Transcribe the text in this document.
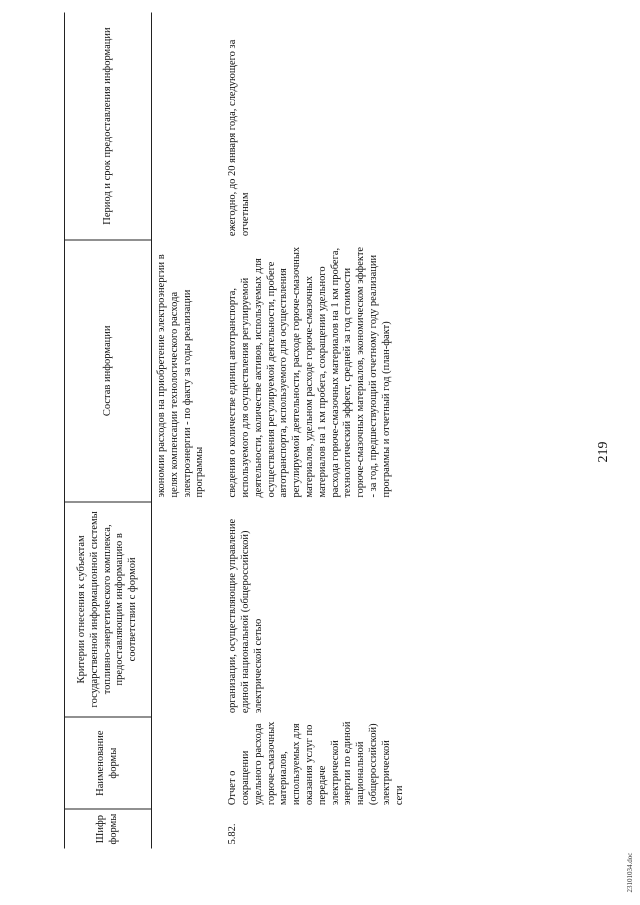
Шифр формы	Наименование формы	Критерии отнесения к субъектам государственной информационной системы топливно-энергетического комплекса, предоставляющим информацию в соответствии с формой	Состав информации	Период и срок предоставления информации
			экономии расходов на приобретение электроэнергии в целях компенсации технологического расхода электроэнергии - по факту за годы реализации программы	

5.82.	Отчет о сокращении удельного расхода горюче-смазочных материалов, используемых для оказания услуг по передаче электрической энергии по единой национальной (общероссийской) электрической сети	организации, осуществляющие управление единой национальной (общероссийской) электрической сетью	сведения о количестве единиц автотранспорта, используемого для осуществления регулируемой деятельности, количестве активов, используемых для осуществления регулируемой деятельности, пробеге автотранспорта, используемого для осуществления регулируемой деятельности, расходе горюче-смазочных материалов, удельном расходе горюче-смазочных материалов на 1 км пробега, сокращении удельного расхода горюче-смазочных материалов на 1 км пробега, технологический эффект, средней за год стоимости горюче-смазочных материалов, экономическом эффекте - за год, предшествующий отчетному году реализации программы и отчетный год (план-факт)	ежегодно, до 20 января года, следующего за отчетным
219
23101034.doc
